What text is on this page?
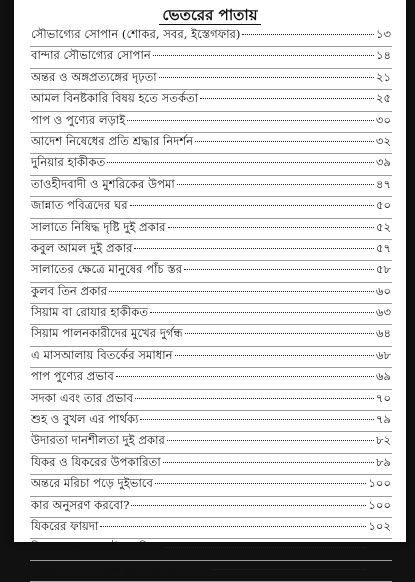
ভেতরের পাতায়
সৌভাগ্যের সোপান (শোকর, সবর, ইস্তেগফার)	১৩
বান্দার সৌভাগ্যের সোপান	১৪
অন্তর ও অঙ্গপ্রত্যঙ্গের দৃঢ়তা	২১
আমল বিনষ্টকারি বিষয় হতে সতর্কতা	২৫
পাপ ও পুণ্যের লড়াই	৩০
আদেশ নিষেধের প্রতি শ্রদ্ধার নিদর্শন	৩২
দুনিয়ার হাকীকত	৩৯
তাওহীদবাদী ও মুশরিকের উপমা	৪৭
জান্নাত পবিত্রদের ঘর	৫০
সালাতে নিষিদ্ধ দৃষ্টি দুই প্রকার	৫২
কবুল আমল দুই প্রকার	৫৭
সালাতের ক্ষেত্রে মানুষের পাঁচ স্তর	৫৮
কুলব তিন প্রকার	৬০
সিয়াম বা রোযার হাকীকত	৬৩
সিয়াম পালনকারীদের মুখের দুর্গন্ধ	৬৪
এ মাসআলায় বিতর্কের সমাধান	৬৮
পাপ পুণ্যের প্রভাব	৬৯
সদকা এবং তার প্রভাব	৭০
শুহ ও বুখল এর পার্থক্য	৭৯
উদারতা দানশীলতা দুই প্রকার	৮২
যিকর ও যিকরের উপকারিতা	৮৯
অন্তরে মরিচা পড়ে দুইভাবে	১০০
কার অনুসরণ করবো?	১০০
যিকরের ফায়দা	১০২
যিক্‌রের সুফল ও উপকারিতা	১০৯
আল্লাহ তা'আলাকে ভুলে যাওয়ার ক্ষতি	১১৩
